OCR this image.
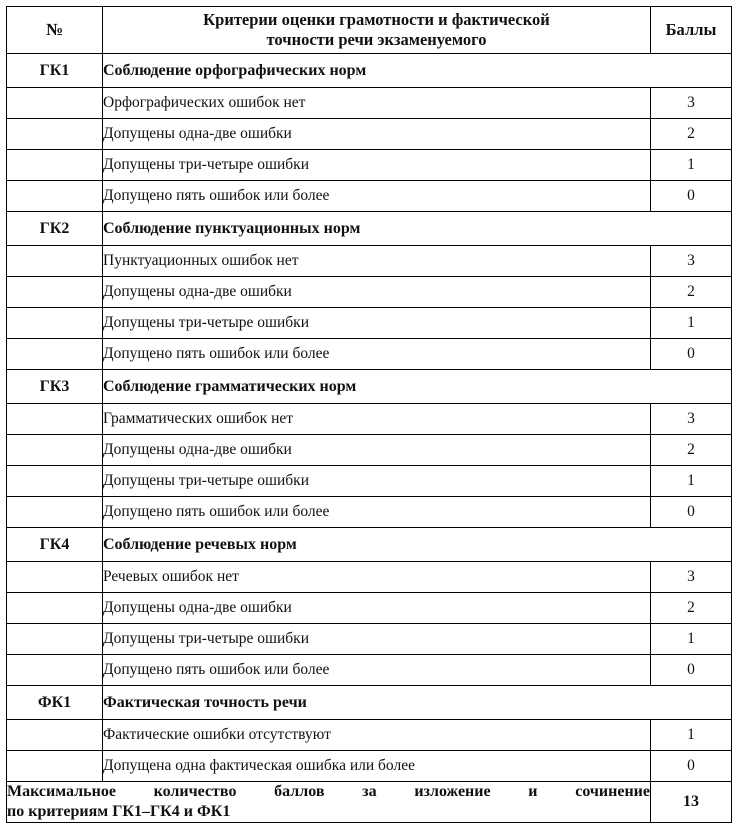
№	Критерии оценки грамотности и фактической
точности речи экзаменуемого	Баллы
ГК1	Соблюдение орфографических норм	
	Орфографических ошибок нет	3
	Допущены одна-две ошибки	2
	Допущены три-четыре ошибки	1
	Допущено пять ошибок или более	0
ГК2	Соблюдение пунктуационных норм	
	Пунктуационных ошибок нет	3
	Допущены одна-две ошибки	2
	Допущены три-четыре ошибки	1
	Допущено пять ошибок или более	0
ГК3	Соблюдение грамматических норм	
	Грамматических ошибок нет	3
	Допущены одна-две ошибки	2
	Допущены три-четыре ошибки	1
	Допущено пять ошибок или более	0
ГК4	Соблюдение речевых норм	
	Речевых ошибок нет	3
	Допущены одна-две ошибки	2
	Допущены три-четыре ошибки	1
	Допущено пять ошибок или более	0
ФК1	Фактическая точность речи	
	Фактические ошибки отсутствуют	1
	Допущена одна фактическая ошибка или более	0

Максимальное количество баллов за изложение и сочинение
по критериям ГК1–ГК4 и ФК1		13
